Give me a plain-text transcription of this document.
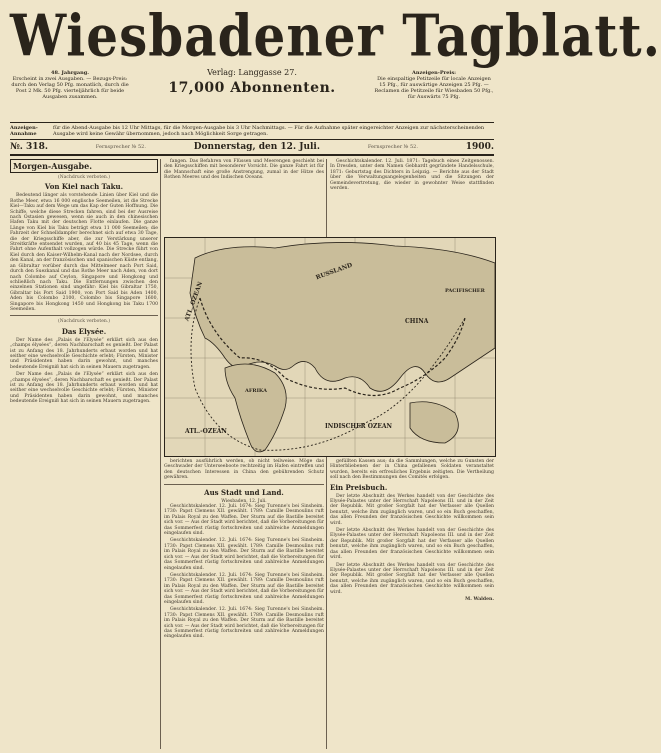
Wiesbadener Tagblatt.
48. Jahrgang.
Erscheint in zwei Ausgaben. — Bezugs-Preis:
durch den Verlag 50 Pfg. monatlich, durch die
Post 2 Mk. 50 Pfg. vierteljährlich für beide
Ausgaben zusammen.
Verlag: Langgasse 27.
17,000 Abonnenten.
Anzeigen-Preis:
Die einspaltige Petitzeile für locale Anzeigen
15 Pfg., für auswärtige Anzeigen 25 Pfg. —
Reclamen die Petitzeile für Wiesbaden 50 Pfg.,
für Auswärts 75 Pfg.
Anzeigen-Annahme
für die Abend-Ausgabe bis 12 Uhr Mittags, für die Morgen-Ausgabe bis 3 Uhr Nachmittags. — Für die Aufnahme später eingereichter Anzeigen zur nächsterscheinenden Ausgabe wird keine Gewähr übernommen, jedoch nach Möglichkeit Sorge getragen.
№. 318.	Fernsprecher № 52.	Donnerstag, den 12. Juli.	Fernsprecher № 52.	1900.
Morgen-Ausgabe.
(Nachdruck verboten.)
Von Kiel nach Taku.

Bedeutend länger als vorstehende Linien über Kiel und die Rothe Meer, etwa 16 000 englische Seemeilen, ist die Strecke Kiel—Taku auf dem Wege um das Kap der Guten Hoffnung. Die Schiffe, welche diese Strecken fahren, sind bei der Ausreise nach Ostasien gewesen, wenn sie auch in den chinesischen Hafen Taku mit der deutschen Flotte einlaufen. Die ganze Länge von Kiel bis Taku beträgt etwa 11 000 Seemeilen; die Fahrzeit der Schnelldampfer berechnet sich auf etwa 30 Tage, die der Kriegsschiffe aber, die zur Verstärkung unserer Streitkräfte entsendet wurden, auf 40 bis 45 Tage, wenn die Fahrt ohne Aufenthalt vollzogen würde. Die Strecke führt von Kiel durch den Kaiser-Wilhelm-Kanal nach der Nordsee, durch den Kanal, an der französischen und spanischen Küste entlang, an Gibraltar vorüber durch das Mittelmeer nach Port Said, durch den Suezkanal und das Rothe Meer nach Aden, von dort nach Colombo auf Ceylon, Singapore und Hongkong und schließlich nach Taku. Die Entfernungen zwischen den einzelnen Stationen sind ungefähr: Kiel bis Gibraltar 1750, Gibraltar bis Port Said 1900, von Port Said bis Aden 1400, Aden bis Colombo 2100, Colombo bis Singapore 1600, Singapore bis Hongkong 1450 und Hongkong bis Taku 1700 Seemeilen.

(Nachdruck verboten.)
Das Elysée.

Der Name des „Palais de l'Elysée“ erklärt sich aus den „champs élysées“, deren Nachbarschaft es genießt. Der Palast ist zu Anfang des 18. Jahrhunderts erbaut worden und hat seither eine wechselvolle Geschichte erlebt; Fürsten, Minister und Präsidenten haben darin gewohnt, und manches bedeutende Ereigniß hat sich in seinen Mauern zugetragen.

Der Name des „Palais de l'Elysée“ erklärt sich aus den „champs élysées“, deren Nachbarschaft es genießt. Der Palast ist zu Anfang des 18. Jahrhunderts erbaut worden und hat seither eine wechselvolle Geschichte erlebt; Fürsten, Minister und Präsidenten haben darin gewohnt, und manches bedeutende Ereigniß hat sich in seinen Mauern zugetragen.

fangen. Das Befahren von Flüssen und Meerengen geschieht bei den Kriegsschiffen mit besonderer Vorsicht. Die ganze Fahrt ist für die Mannschaft eine große Anstrengung, zumal in der Hitze des Rothen Meeres und des Indischen Oceans.

Geschichtskalender. 12. Juli. 1871: Tagebuch eines Zeitgenossen. In Dresden, unter dem Namen Gebhardt gegründete Handelsschule, 1871: Geburtstag des Dichters in Leipzig. — Berichte aus der Stadt über die Verwaltungsangelegenheiten und die Sitzungen der Gemeindevertretung, die wieder in gewohnter Weise stattfinden werden.

ATL. OZEAN
RUSSLAND
CHINA
INDISCHER OZEAN
AFRIKA
ATL.-OZEAN
PACIFISCHER

berichten ausführlich werden, ob nicht teilweise. Möge das Geschwader der Unterseeboote rechtzeitig im Hafen eintreffen und den deutschen Interessen in China den gebührenden Schutz gewähren.

Aus Stadt und Land.
Wiesbaden, 12. Juli.

Geschichtskalender. 12. Juli. 1674: Sieg Turenne's bei Sinsheim. 1730: Papst Clemens XII. gewählt. 1789: Camille Desmoulins ruft im Palais Royal zu den Waffen. Der Sturm auf die Bastille bereitet sich vor. — Aus der Stadt wird berichtet, daß die Vorbereitungen für das Sommerfest rüstig fortschreiten und zahlreiche Anmeldungen eingelaufen sind.

Geschichtskalender. 12. Juli. 1674: Sieg Turenne's bei Sinsheim. 1730: Papst Clemens XII. gewählt. 1789: Camille Desmoulins ruft im Palais Royal zu den Waffen. Der Sturm auf die Bastille bereitet sich vor. — Aus der Stadt wird berichtet, daß die Vorbereitungen für das Sommerfest rüstig fortschreiten und zahlreiche Anmeldungen eingelaufen sind.

Geschichtskalender. 12. Juli. 1674: Sieg Turenne's bei Sinsheim. 1730: Papst Clemens XII. gewählt. 1789: Camille Desmoulins ruft im Palais Royal zu den Waffen. Der Sturm auf die Bastille bereitet sich vor. — Aus der Stadt wird berichtet, daß die Vorbereitungen für das Sommerfest rüstig fortschreiten und zahlreiche Anmeldungen eingelaufen sind.

Geschichtskalender. 12. Juli. 1674: Sieg Turenne's bei Sinsheim. 1730: Papst Clemens XII. gewählt. 1789: Camille Desmoulins ruft im Palais Royal zu den Waffen. Der Sturm auf die Bastille bereitet sich vor. — Aus der Stadt wird berichtet, daß die Vorbereitungen für das Sommerfest rüstig fortschreiten und zahlreiche Anmeldungen eingelaufen sind.

gefüllten Kassen aus; da die Sammlungen, welche zu Gunsten der Hinterbliebenen der in China gefallenen Soldaten veranstaltet wurden, bereits ein erfreuliches Ergebnis zeitigten. Die Vertheilung soll nach den Bestimmungen des Comités erfolgen.

Ein Preisbuch.

Der letzte Abschnitt des Werkes handelt von der Geschichte des Elysée-Palastes unter der Herrschaft Napoleons III. und in der Zeit der Republik. Mit großer Sorgfalt hat der Verfasser alle Quellen benutzt, welche ihm zugänglich waren, und so ein Buch geschaffen, das allen Freunden der französischen Geschichte willkommen sein wird.

Der letzte Abschnitt des Werkes handelt von der Geschichte des Elysée-Palastes unter der Herrschaft Napoleons III. und in der Zeit der Republik. Mit großer Sorgfalt hat der Verfasser alle Quellen benutzt, welche ihm zugänglich waren, und so ein Buch geschaffen, das allen Freunden der französischen Geschichte willkommen sein wird.

Der letzte Abschnitt des Werkes handelt von der Geschichte des Elysée-Palastes unter der Herrschaft Napoleons III. und in der Zeit der Republik. Mit großer Sorgfalt hat der Verfasser alle Quellen benutzt, welche ihm zugänglich waren, und so ein Buch geschaffen, das allen Freunden der französischen Geschichte willkommen sein wird.

M. Walden.
